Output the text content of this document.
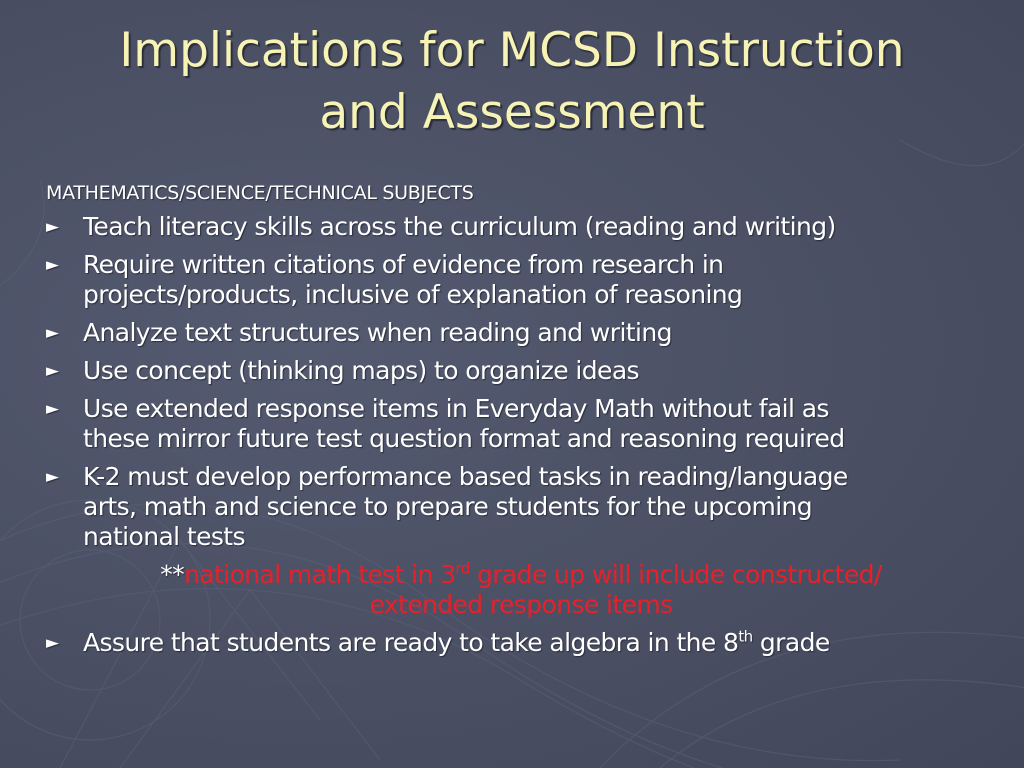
Implications for MCSD Instruction
and Assessment
MATHEMATICS/SCIENCE/TECHNICAL SUBJECTS
► Teach literacy skills across the curriculum (reading and writing)
► Require written citations of evidence from research in
projects/products, inclusive of explanation of reasoning
► Analyze text structures when reading and writing
► Use concept (thinking maps) to organize ideas
► Use extended response items in Everyday Math without fail as
these mirror future test question format and reasoning required
► K-2 must develop performance based tasks in reading/language
arts, math and science to prepare students for the upcoming
national tests
**national math test in 3rd grade up will include constructed/
extended response items
► Assure that students are ready to take algebra in the 8th grade
